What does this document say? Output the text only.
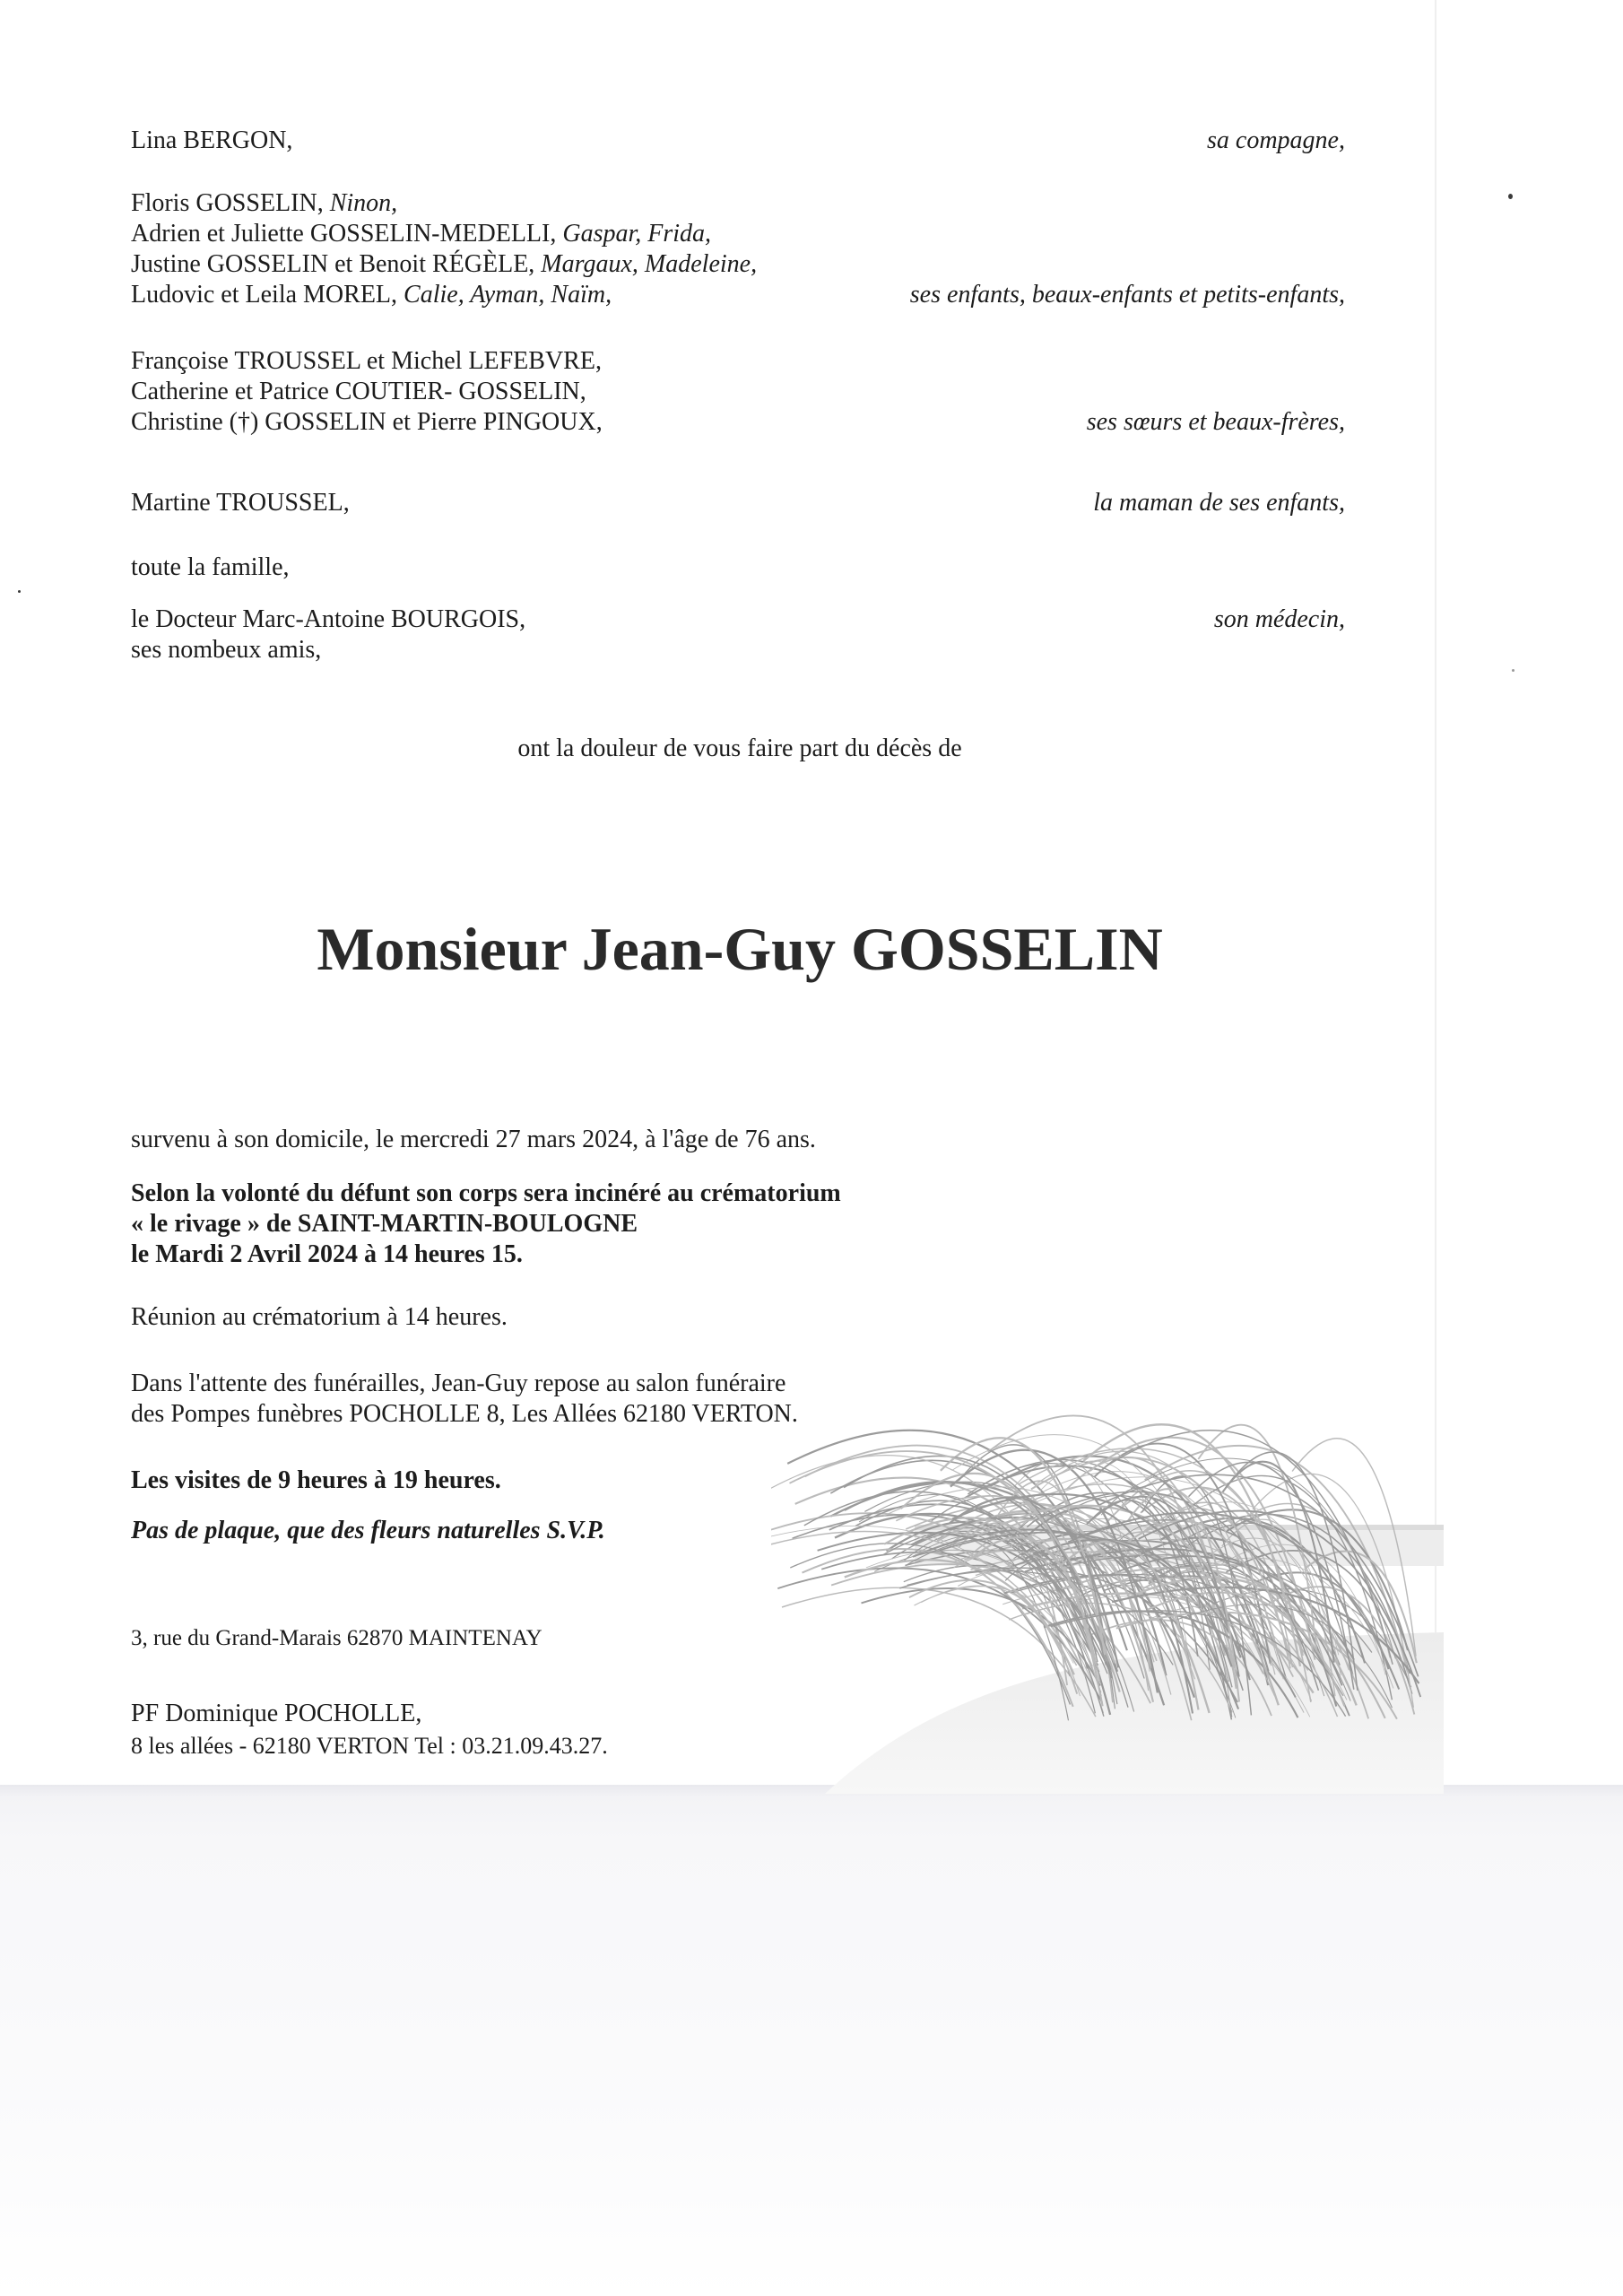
Lina BERGON,	sa compagne,
Floris GOSSELIN, Ninon,
Adrien et Juliette GOSSELIN-MEDELLI, Gaspar, Frida,
Justine GOSSELIN et Benoit RÉGÈLE, Margaux, Madeleine,
Ludovic et Leila MOREL, Calie, Ayman, Naïm,	ses enfants, beaux-enfants et petits-enfants,
Françoise TROUSSEL et Michel LEFEBVRE,
Catherine et Patrice COUTIER- GOSSELIN,
Christine (†) GOSSELIN et Pierre PINGOUX,	ses sœurs et beaux-frères,
Martine TROUSSEL,	la maman de ses enfants,
toute la famille,
le Docteur Marc-Antoine BOURGOIS,	son médecin,
ses nombeux amis,
ont la douleur de vous faire part du décès de
Monsieur Jean-Guy GOSSELIN
survenu à son domicile, le mercredi 27 mars 2024, à l'âge de 76 ans.
Selon la volonté du défunt son corps sera incinéré au crématorium
« le rivage » de SAINT-MARTIN-BOULOGNE
le Mardi 2 Avril 2024 à 14 heures 15.
Réunion au crématorium à 14 heures.
Dans l'attente des funérailles, Jean-Guy repose au salon funéraire
des Pompes funèbres POCHOLLE 8, Les Allées 62180 VERTON.
Les visites de 9 heures à 19 heures.
Pas de plaque, que des fleurs naturelles S.V.P.
3, rue du Grand-Marais 62870 MAINTENAY
PF Dominique POCHOLLE,
8 les allées - 62180 VERTON Tel : 03.21.09.43.27.
